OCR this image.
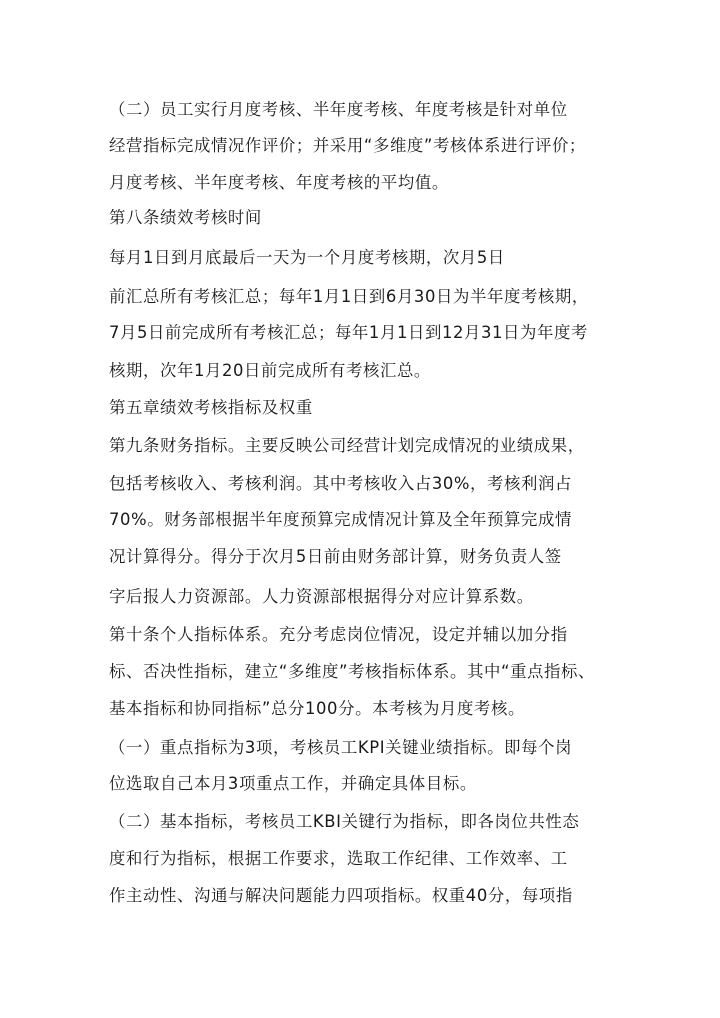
（二）员工实行月度考核、半年度考核、年度考核是针对单位
经营指标完成情况作评价；并采用“多维度”考核体系进行评价；
月度考核、半年度考核、年度考核的平均值。
第八条绩效考核时间
每月1日到月底最后一天为一个月度考核期，次月5日
前汇总所有考核汇总；每年1月1日到6月30日为半年度考核期，
7月5日前完成所有考核汇总；每年1月1日到12月31日为年度考
核期，次年1月20日前完成所有考核汇总。
第五章绩效考核指标及权重
第九条财务指标。主要反映公司经营计划完成情况的业绩成果，
包括考核收入、考核利润。其中考核收入占30%，考核利润占
70%。财务部根据半年度预算完成情况计算及全年预算完成情
况计算得分。得分于次月5日前由财务部计算，财务负责人签
字后报人力资源部。人力资源部根据得分对应计算系数。
第十条个人指标体系。充分考虑岗位情况，设定并辅以加分指
标、否决性指标，建立“多维度”考核指标体系。其中“重点指标、
基本指标和协同指标”总分100分。本考核为月度考核。
（一）重点指标为3项，考核员工KPI关键业绩指标。即每个岗
位选取自己本月3项重点工作，并确定具体目标。
（二）基本指标，考核员工KBI关键行为指标，即各岗位共性态
度和行为指标，根据工作要求，选取工作纪律、工作效率、工
作主动性、沟通与解决问题能力四项指标。权重40分，每项指
